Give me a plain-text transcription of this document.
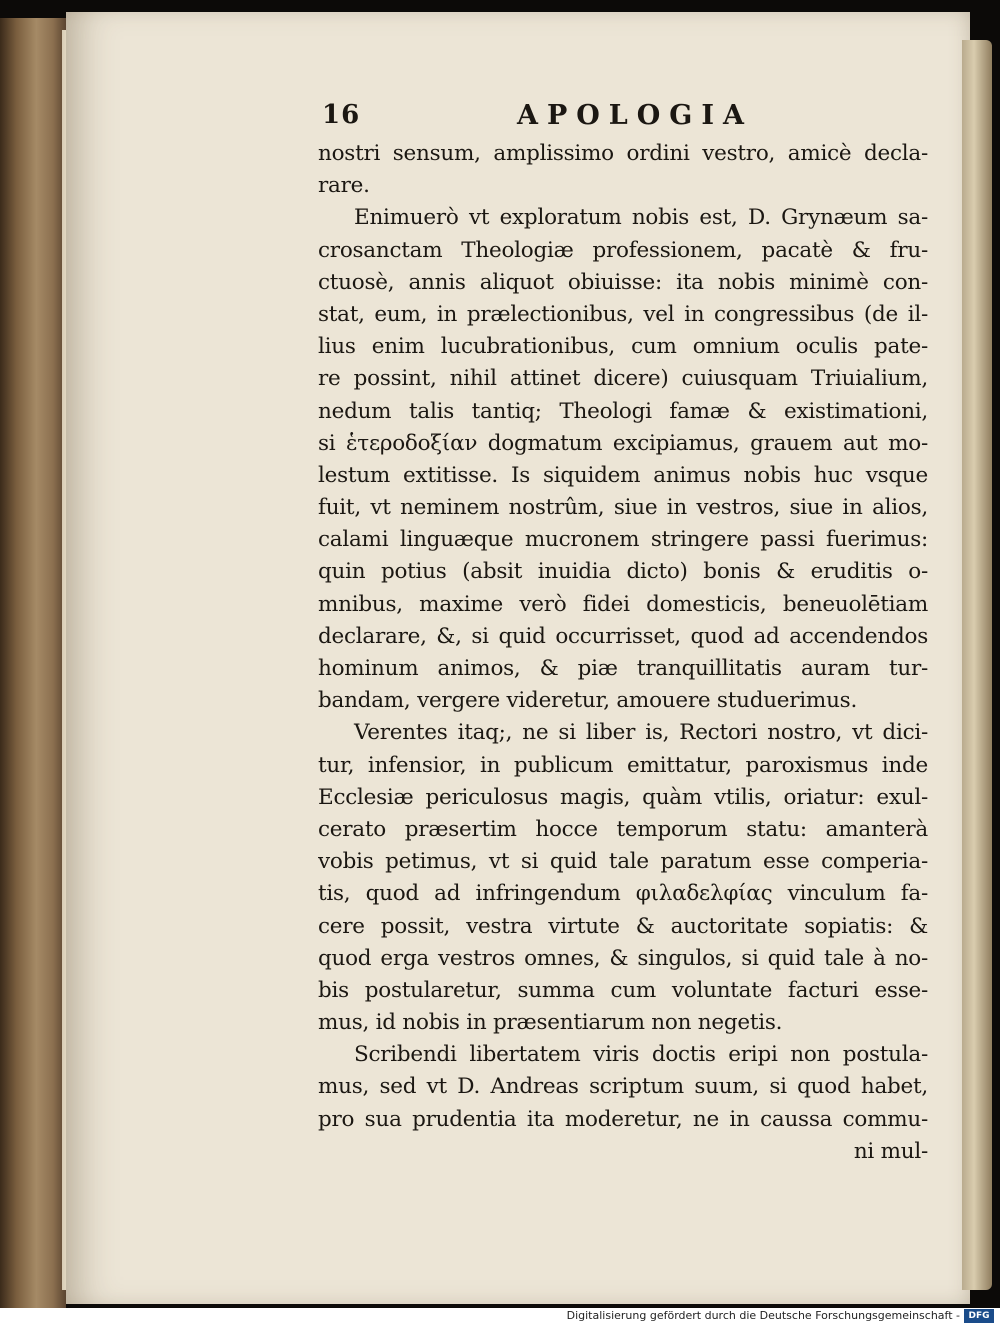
16	APOLOGIA
nostri sensum, amplissimo ordini vestro, amicè decla-
rare.
Enimuerò vt exploratum nobis est, D. Grynæum sa-
crosanctam Theologiæ professionem, pacatè & fru-
ctuosè, annis aliquot obiuisse: ita nobis minimè con-
stat, eum, in prælectionibus, vel in congressibus (de il-
lius enim lucubrationibus, cum omnium oculis pate-
re possint, nihil attinet dicere) cuiusquam Triuialium,
nedum talis tantiq; Theologi famæ & existimationi,
si ἑτεροδοξίαν dogmatum excipiamus, grauem aut mo-
lestum extitisse. Is siquidem animus nobis huc vsque
fuit, vt neminem nostrûm, siue in vestros, siue in alios,
calami linguæque mucronem stringere passi fuerimus:
quin potius (absit inuidia dicto) bonis & eruditis o-
mnibus, maxime verò fidei domesticis, beneuolētiam
declarare, &, si quid occurrisset, quod ad accendendos
hominum animos, & piæ tranquillitatis auram tur-
bandam, vergere videretur, amouere studuerimus.
Verentes itaq;, ne si liber is, Rectori nostro, vt dici-
tur, infensior, in publicum emittatur, paroxismus inde
Ecclesiæ periculosus magis, quàm vtilis, oriatur: exul-
cerato præsertim hocce temporum statu: amanterà
vobis petimus, vt si quid tale paratum esse comperia-
tis, quod ad infringendum φιλαδελφίας vinculum fa-
cere possit, vestra virtute & auctoritate sopiatis: &
quod erga vestros omnes, & singulos, si quid tale à no-
bis postularetur, summa cum voluntate facturi esse-
mus, id nobis in præsentiarum non negetis.
Scribendi libertatem viris doctis eripi non postula-
mus, sed vt D. Andreas scriptum suum, si quod habet,
pro sua prudentia ita moderetur, ne in caussa commu-
ni mul-
Digitalisierung gefördert durch die Deutsche Forschungsgemeinschaft - DFG
